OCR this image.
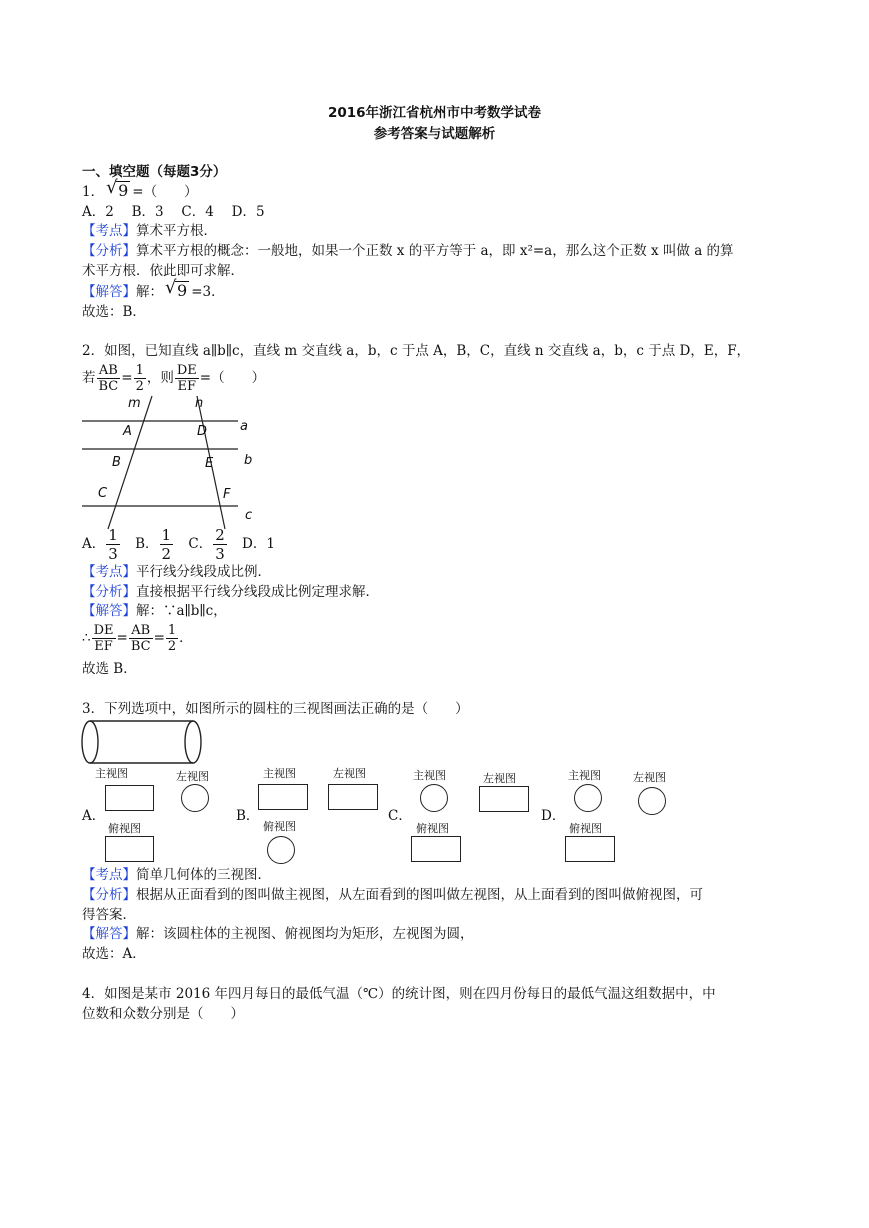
2016年浙江省杭州市中考数学试卷
参考答案与试题解析
一、填空题（每题3分）
1． √ 9 =（　　）
A．2　 B．3　 C．4　 D．5
【考点】算术平方根．
【分析】算术平方根的概念：一般地，如果一个正数 x 的平方等于 a，即 x²=a，那么这个正数 x 叫做 a 的算
术平方根．依此即可求解．
【解答】解： √ 9 =3．
故选：B．
2．如图，已知直线 a∥b∥c，直线 m 交直线 a，b，c 于点 A，B，C，直线 n 交直线 a，b，c 于点 D，E，F，
若 $\frac{AB}{BC} = \frac{1}{2}$ ，则 $\frac{DE}{EF}$ =（　　）
m	n
a
b
c
A
B
C
D
E
F
A． $\frac{1}{3}$ B． $\frac{1}{2}$ C． $\frac{2}{3}$ D．1
【考点】平行线分线段成比例．
【分析】直接根据平行线分线段成比例定理求解．
【解答】解：∵a∥b∥c，
∴ $\frac{DE}{EF} = \frac{AB}{BC} = \frac{1}{2}$ ．
故选 B．
3．下列选项中，如图所示的圆柱的三视图画法正确的是（　　）
主视图	左视图
A．
俯视图
主视图	左视图
B．
俯视图
主视图	左视图
C．
俯视图
主视图	左视图
D．
俯视图
【考点】简单几何体的三视图．
【分析】根据从正面看到的图叫做主视图，从左面看到的图叫做左视图，从上面看到的图叫做俯视图，可
得答案．
【解答】解：该圆柱体的主视图、俯视图均为矩形，左视图为圆，
故选：A．
4．如图是某市 2016 年四月每日的最低气温（℃）的统计图，则在四月份每日的最低气温这组数据中，中
位数和众数分别是（　　）
